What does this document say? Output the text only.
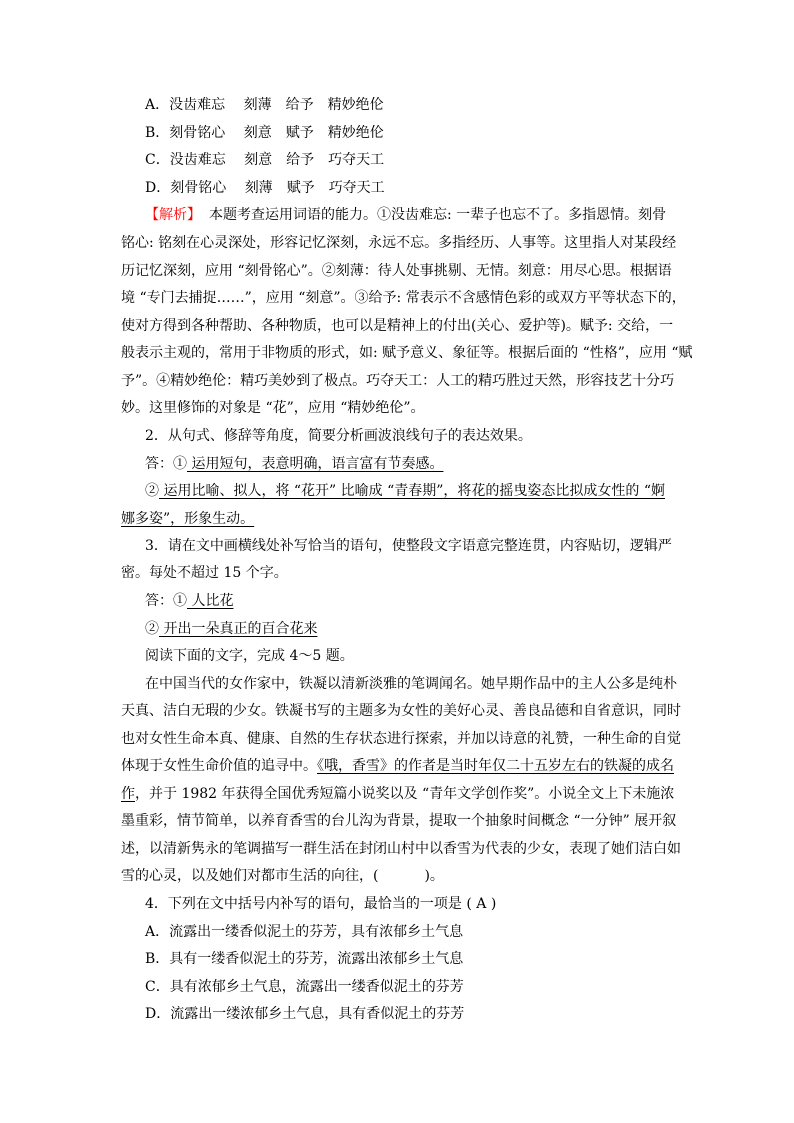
A．没齿难忘 刻薄 给予 精妙绝伦
B．刻骨铭心 刻意 赋予 精妙绝伦
C．没齿难忘 刻意 给予 巧夺天工
D．刻骨铭心 刻薄 赋予 巧夺天工
【解析】 本题考查运用词语的能力。①没齿难忘: 一辈子也忘不了。多指恩情。刻骨
铭心: 铭刻在心灵深处，形容记忆深刻，永远不忘。多指经历、人事等。这里指人对某段经
历记忆深刻，应用 “刻骨铭心”。②刻薄：待人处事挑剔、无情。刻意：用尽心思。根据语
境 “专门去捕捉……”，应用 “刻意”。③给予: 常表示不含感情色彩的或双方平等状态下的，
使对方得到各种帮助、各种物质，也可以是精神上的付出(关心、爱护等)。赋予: 交给，一
般表示主观的，常用于非物质的形式，如: 赋予意义、象征等。根据后面的 “性格”，应用 “赋
予”。④精妙绝伦：精巧美妙到了极点。巧夺天工：人工的精巧胜过天然，形容技艺十分巧
妙。这里修饰的对象是 “花”，应用 “精妙绝伦”。
2．从句式、修辞等角度，简要分析画波浪线句子的表达效果。
答：① 运用短句，表意明确，语言富有节奏感。
② 运用比喻、拟人，将 “花开” 比喻成 “青春期”，将花的摇曳姿态比拟成女性的 “婀
娜多姿”，形象生动。
3．请在文中画横线处补写恰当的语句，使整段文字语意完整连贯，内容贴切，逻辑严
密。每处不超过 15 个字。
答：① 人比花
② 开出一朵真正的百合花来
阅读下面的文字，完成 4～5 题。
在中国当代的女作家中，铁凝以清新淡雅的笔调闻名。她早期作品中的主人公多是纯朴
天真、洁白无瑕的少女。铁凝书写的主题多为女性的美好心灵、善良品德和自省意识，同时
也对女性生命本真、健康、自然的生存状态进行探索，并加以诗意的礼赞，一种生命的自觉
体现于女性生命价值的追寻中。《哦，香雪》的作者是当时年仅二十五岁左右的铁凝的成名
作，并于 1982 年获得全国优秀短篇小说奖以及 “青年文学创作奖”。小说全文上下未施浓
墨重彩，情节简单，以养育香雪的台儿沟为背景，提取一个抽象时间概念 “一分钟” 展开叙
述，以清新隽永的笔调描写一群生活在封闭山村中以香雪为代表的少女，表现了她们洁白如
雪的心灵，以及她们对都市生活的向往，(	)。
4．下列在文中括号内补写的语句，最恰当的一项是 ( A )
A．流露出一缕香似泥土的芬芳，具有浓郁乡土气息
B．具有一缕香似泥土的芬芳，流露出浓郁乡土气息
C．具有浓郁乡土气息，流露出一缕香似泥土的芬芳
D．流露出一缕浓郁乡土气息，具有香似泥土的芬芳
